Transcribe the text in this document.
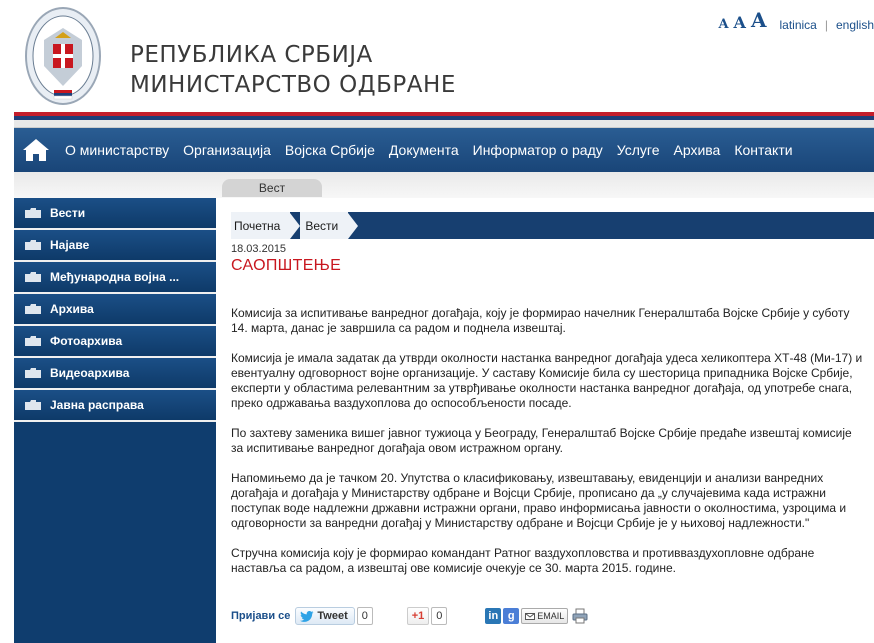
РЕПУБЛИКА СРБИЈА
МИНИСТАРСТВО ОДБРАНЕ
A A A latinica | english
О министарству	Организација	Војска Србије	Документа	Информатор о раду	Услуге	Архива	Контакти
Вест
Вести
Најаве
Међународна војна ...
Архива
Фотоархива
Видеоархива
Јавна расправа
Почетна	Вести
18.03.2015
САОПШТЕЊЕ

Комисија за испитивање ванредног догађаја, коју је формирао начелник Генералштаба Војске Србије у суботу 14. марта, данас је завршила са радом и поднела извештај.

Комисија је имала задатак да утврди околности настанка ванредног догађаја удеса хеликоптера ХТ-48 (Ми-17) и евентуалну одговорност војне организације. У саставу Комисије била су шесторица припадника Војске Србије, експерти у областима релевантним за утврђивање околности настанка ванредног догађаја, од употребе снага, преко одржавања ваздухоплова до оспособљености посаде.

По захтеву заменика вишег јавног тужиоца у Београду, Генералштаб Војске Србије предаће извештај комисије за испитивање ванредног догађаја овом истражном органу.

Напомињемо да је тачком 20. Упутства о класификовању, извештавању, евиденцији и анализи ванредних догађаја и догађаја у Министарству одбране и Војсци Србије, прописано да „у случајевима када истражни поступак воде надлежни државни истражни органи, право информисања јавности о околностима, узроцима и одговорности за ванредни догађај у Министарству одбране и Војсци Србије је у њиховој надлежности."

Стручна комисија коју је формирао командант Ратног ваздухопловства и противваздухопловне одбране наставља са радом, а извештај ове комисије очекује се 30. марта 2015. године.

Пријави се Tweet	0	+1	0	in g	EMAIL
